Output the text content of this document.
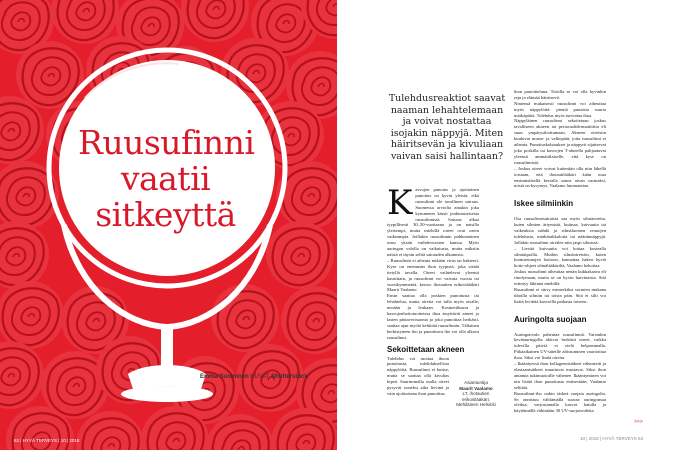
Ruusufinni
vaatii
sitkeyttä
Emma Suominen KUVAT Shutterstock
62 | HYVÄ TERVEYS | 10 | 2018
Tulehdusreaktiot saavat naaman lehahtelemaan ja voivat nostattaa isojakin näppyjä. Miten häiritsevän ja kivuliaan vaivan saisi hallintaan?
K asvojen punotus ja ajoittainen punoitus on hyvin yleistä, eikä ruusufinni ole tavallinen sairaus. Suomessa arviolta ainakin joka kymmenes kärsii jonkinasteisesta ruusufinnistä. Sairaus alkaa tyypillisesti 30–50-vuotiaana ja on naisilla yleisempi, mutta miehillä oireet ovat usein vaikeampia. Joillakin ruusufinnin puhkeaminen osuu yksiin vaihdevuosien kanssa. Myös auringon valolla on vaikutusta, mutta miksiin näistä ei täysin selitä sairauden alkamista.

– Ruusufinni ei aiheuta mikään virus tai bakteeri. Kyse on enemmän ihon tyypistä, joka sietää tietyllä tavalla. Oireet vaihtelevat yleensä kausittain, ja ruusufinni voi vaivata vuosia tai vuosikymmeniä, kertoo ihotautien erikoislääkäri Maarit Vaalamo.

Ensin saattaa olla poskien punoitusta tai lehahtelua, mutta oireita voi tulla myös otsalle, nenään ja leukaan. Kosmetiikassa ja kasvojenhoitotuotteissa ihoa ärsyttävät aineet ja lasten pintaverisuonia ja joka punoittaa herkästi, saattaa ajan myötä kehittää ruusufinnin. Tällainen herkistyneen iho ja punoittava iho voi olla alkava ruusufinni.

Sekoittetaan akneen

Tulehdus voi tuottaa ihoon punoitusta, tulehduksellisia näppylöitä. Ruusufinni ei kutise, mutta se saattaa olla kivulias kipeä. Suurimmalla osalla oireet pysyvät ooneksi aika lievinä ja vain ajoittaisena ihon punoittaa.

Asiantuntija
Maarit Vaalamo
LT, ihotautien erikoislääkäri, Mehiläinen Helsinki

ihon punoitteluna. Toisilla se voi olla hyvinkin raju ja elämää häiritsevä.
Nimensä mukaisesti ruusufinni voi aiheuttaa myös näppylöitä: pieniä punaisia suuria märkäpäitä. Tulehdus myös turvottaa ihoa.
Näppyläinen ruusufinni sekoitetaan joskus tavalliseen akneen tai perioraalidermatiittiin eli suun ympärysihottumaan. Akneen oireisiin kuuluvat musta- ja valkopäät, joita ruusufinni ei aiheuta. Punoituskohtaukset ja näppyrit sijaitsevat joko poskilla tai kasvojen T-alueella pahjaatuvat yleensä ammattilaiselle, että kyse on ruusufinnistä.
– Joskus oireet voivat kuitenkin olla niin lähellä toisiaan, että ihotautilääkäri kään osaa ensimmäisellä kerralla sanoa aivan varmaksi, mistä on kysymys, Vaalamo huomauttaa.

Iskee silmiinkin

Osa ruusufinnisairaista saa myös silmäoireita, kuten silmien ärtymistä, kutinaa, kuivuutta tai vaikeuksia nähdä ja silmäluomen reunojen tulehdusta, märkärakkuloita tai näärännäppyjä. Jollakin ruusufinni oireilee niin jaspi silmissä.
– Lievää kuivuutta voi hoitaa kostealla silmätipoilla. Muihin silmäoireisiin, kuten luomireunojen hoitoon, kannattaa hakea hyvät hoito-ohjeet silmälääkäriltä, Vaalamo kehottaa.
Joskus ruusufinni aiheuttaa nenän kukkakaava eli rinofymaan, mutta se on hyvin harvinaista. Sitä esiintyy lähinnä miehillä.
Ruusufinni ei siirry esimerkiksi sormien mukana tihoilla silmiin tai toisin päin. Sitä ei silti voi lisätä levittää kasvoilla paikasta toiseen.

Auringolta suojaan

Auringonvalo pahentaa ruusufinniä. Varsinkin kevätauringolla aktivoi herkästi oireet, vaikka tulevilla päiviä ei vielä helpommalla. Pitkäaikainen UV-säteille altistuminen vaurioittaa ihoa. Siksi voi lisätä oireita.
– Ikääntyessä ihon kollageenisäikeet vähenevät ja elastaanisäikeet muuttuvat mustavat. Siksi ihon antamia tukimuotoille vähenee. Ikääntyminen voi nin lisätä ihon punoitusta entisestään, Vaalamo selittää.
Ruusufinni-iho onkin tärkeä suojata auringolta. Se onnistuu välttämällä suoraa auringonsaa oleilua, varjostamalla kasvot hatulla ja käyttämällä vähintään 30 UV-suojavoidetta.

>>>
10 | 2018 | HYVÄ TERVEYS 63
